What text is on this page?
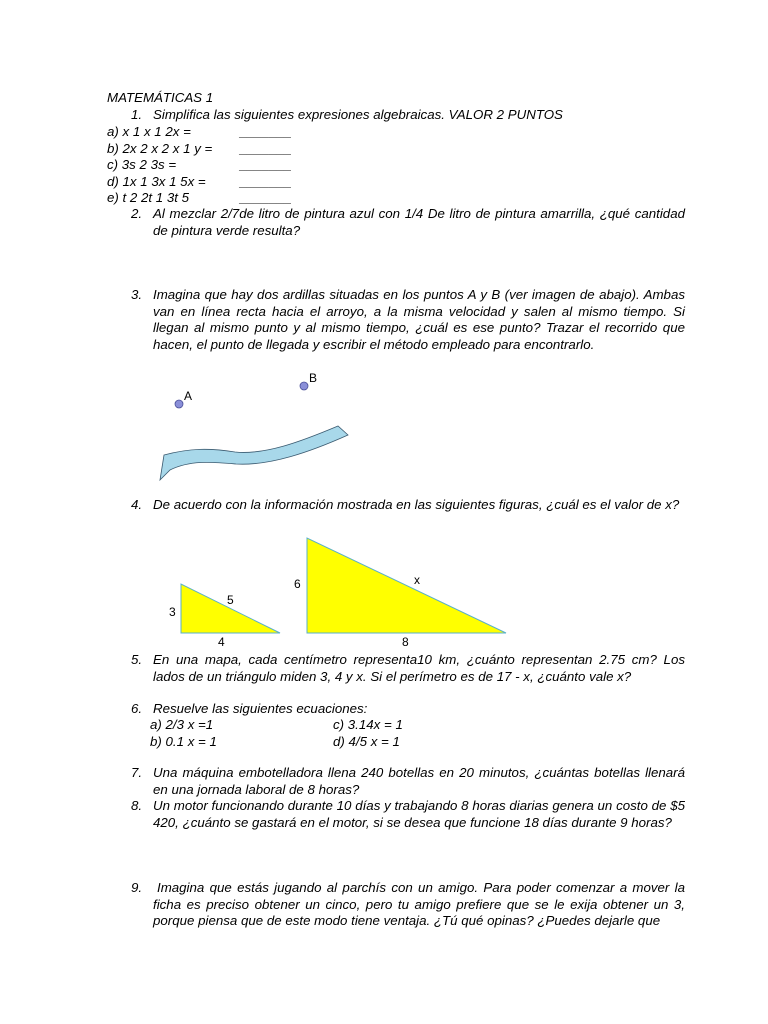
MATEMÁTICAS 1
1. Simplifica las siguientes expresiones algebraicas. VALOR 2 PUNTOS
a) x 1 x 1 2x =	_______
b) 2x 2 x 2 x 1 y = _______
c) 3s 2 3s =	_______
d) 1x 1 3x 1 5x =	_______
e) t 2 2t 1 3t 5	_______
2. Al mezclar 2/7de litro de pintura azul con 1/4 De litro de pintura amarrilla, ¿qué cantidad de pintura verde resulta?
3. Imagina que hay dos ardillas situadas en los puntos A y B (ver imagen de abajo). Ambas van en línea recta hacia el arroyo, a la misma velocidad y salen al mismo tiempo. Si llegan al mismo punto y al mismo tiempo, ¿cuál es ese punto? Trazar el recorrido que hacen, el punto de llegada y escribir el método empleado para encontrarlo.
A
B
4. De acuerdo con la información mostrada en las siguientes figuras, ¿cuál es el valor de x?
3
5
4
6	x
8
5. En una mapa, cada centímetro representa10 km, ¿cuánto representan 2.75 cm? Los lados de un triángulo miden 3, 4 y x. Si el perímetro es de 17 - x, ¿cuánto vale x?
6. Resuelve las siguientes ecuaciones:
a) 2/3 x =1	c) 3.14x = 1
b) 0.1 x = 1	d) 4/5 x = 1
7. Una máquina embotelladora llena 240 botellas en 20 minutos, ¿cuántas botellas llenará en una jornada laboral de 8 horas?
8. Un motor funcionando durante 10 días y trabajando 8 horas diarias genera un costo de $5 420, ¿cuánto se gastará en el motor, si se desea que funcione 18 días durante 9 horas?
9.	Imagina que estás jugando al parchís con un amigo. Para poder comenzar a mover la ficha es preciso obtener un cinco, pero tu amigo prefiere que se le exija obtener un 3, porque piensa que de este modo tiene ventaja. ¿Tú qué opinas? ¿Puedes dejarle que
